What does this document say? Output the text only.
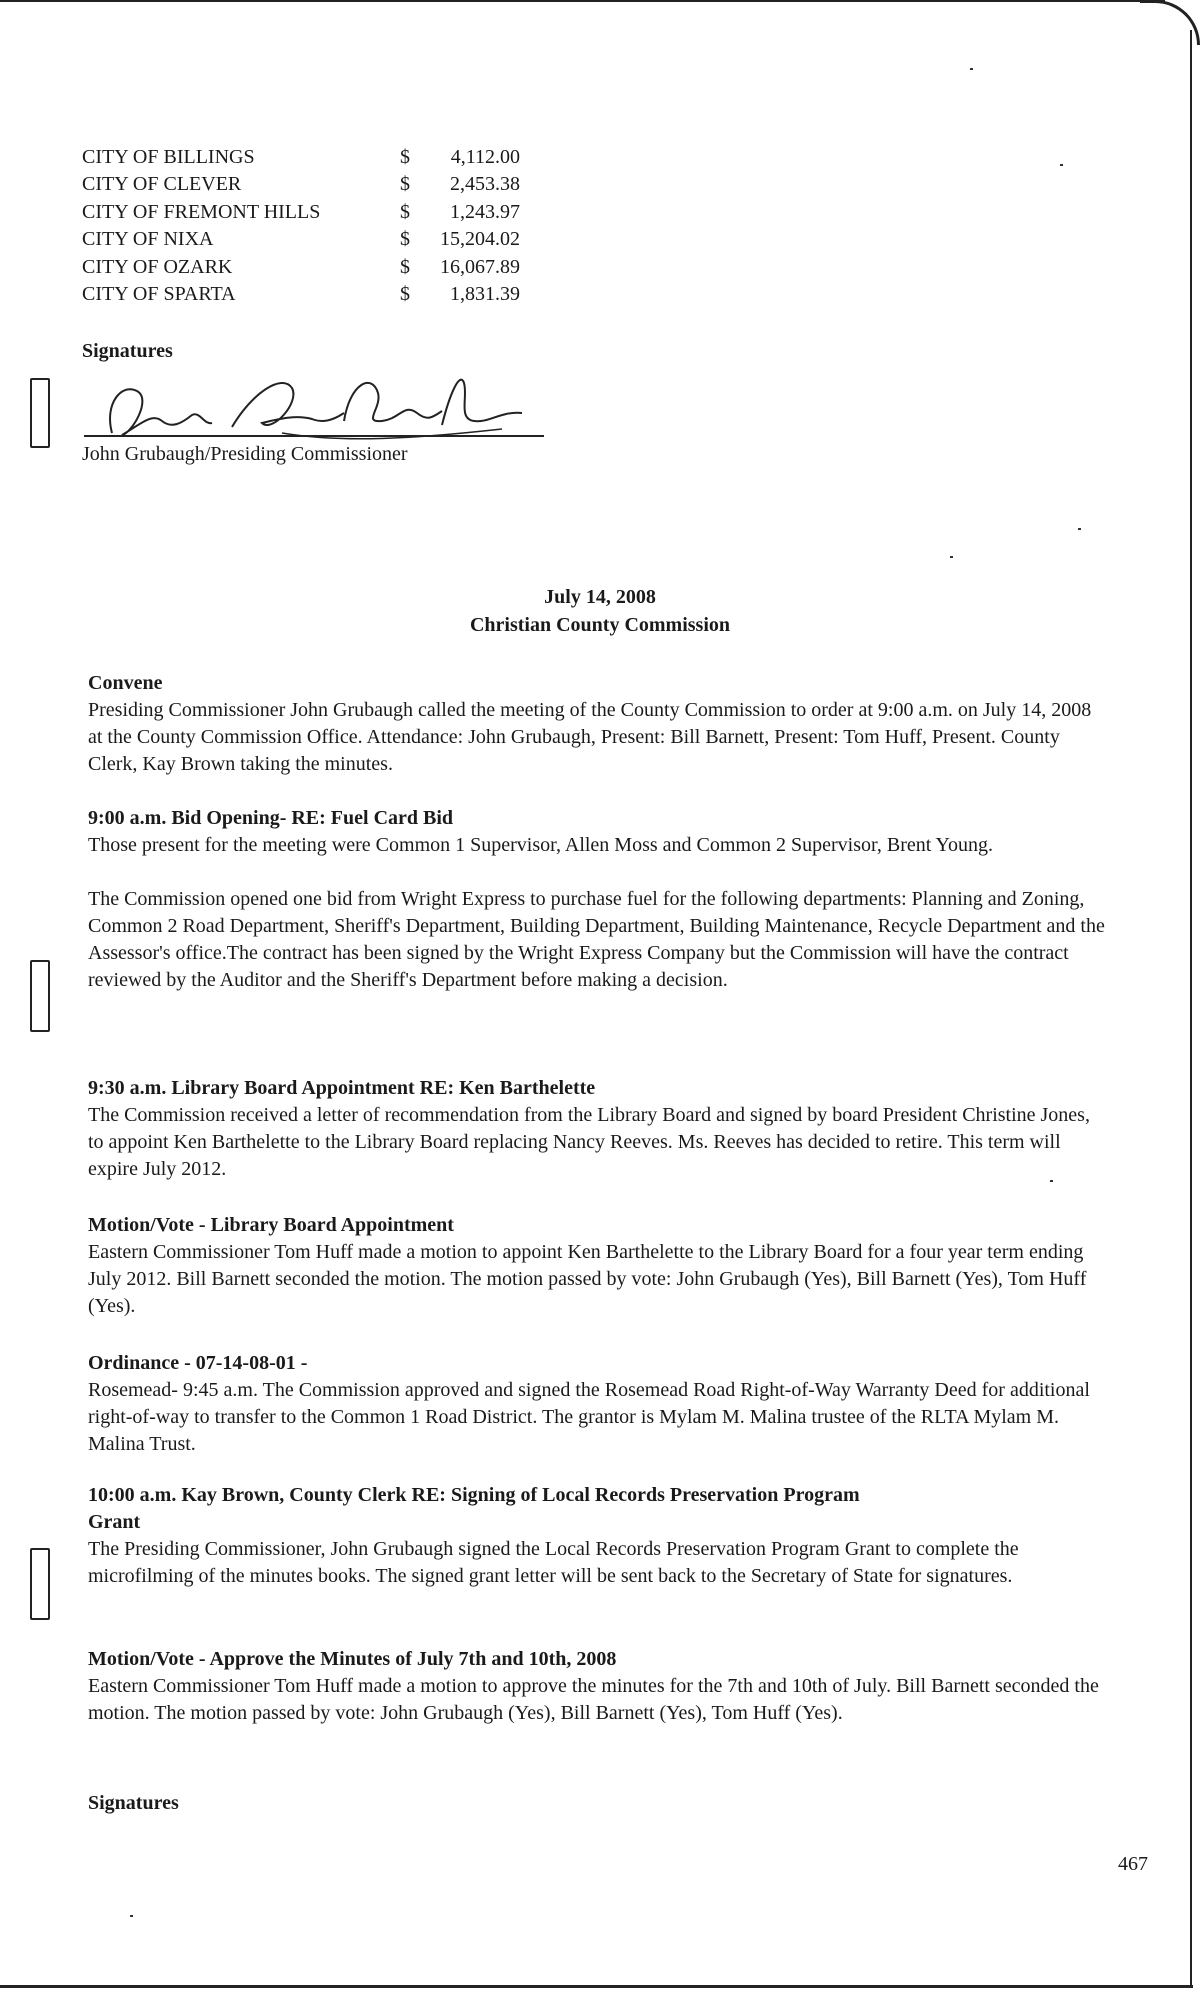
CITY OF BILLINGS	$	4,112.00
CITY OF CLEVER	$	2,453.38
CITY OF FREMONT HILLS	$	1,243.97
CITY OF NIXA	$	15,204.02
CITY OF OZARK	$	16,067.89
CITY OF SPARTA	$	1,831.39
Signatures
John Grubaugh/Presiding Commissioner
July 14, 2008
Christian County Commission
Convene
Presiding Commissioner John Grubaugh called the meeting of the County Commission to order at 9:00 a.m. on July 14, 2008 at the County Commission Office. Attendance: John Grubaugh, Present: Bill Barnett, Present: Tom Huff, Present. County Clerk, Kay Brown taking the minutes.
9:00 a.m. Bid Opening- RE: Fuel Card Bid
Those present for the meeting were Common 1 Supervisor, Allen Moss and Common 2 Supervisor, Brent Young.
The Commission opened one bid from Wright Express to purchase fuel for the following departments: Planning and Zoning, Common 2 Road Department, Sheriff's Department, Building Department, Building Maintenance, Recycle Department and the Assessor's office.The contract has been signed by the Wright Express Company but the Commission will have the contract reviewed by the Auditor and the Sheriff's Department before making a decision.
9:30 a.m. Library Board Appointment RE: Ken Barthelette
The Commission received a letter of recommendation from the Library Board and signed by board President Christine Jones, to appoint Ken Barthelette to the Library Board replacing Nancy Reeves. Ms. Reeves has decided to retire. This term will expire July 2012.
Motion/Vote - Library Board Appointment
Eastern Commissioner Tom Huff made a motion to appoint Ken Barthelette to the Library Board for a four year term ending July 2012. Bill Barnett seconded the motion. The motion passed by vote: John Grubaugh (Yes), Bill Barnett (Yes), Tom Huff (Yes).
Ordinance - 07-14-08-01 -
Rosemead- 9:45 a.m. The Commission approved and signed the Rosemead Road Right-of-Way Warranty Deed for additional right-of-way to transfer to the Common 1 Road District. The grantor is Mylam M. Malina trustee of the RLTA Mylam M. Malina Trust.
10:00 a.m. Kay Brown, County Clerk RE: Signing of Local Records Preservation Program Grant
The Presiding Commissioner, John Grubaugh signed the Local Records Preservation Program Grant to complete the microfilming of the minutes books. The signed grant letter will be sent back to the Secretary of State for signatures.
Motion/Vote - Approve the Minutes of July 7th and 10th, 2008
Eastern Commissioner Tom Huff made a motion to approve the minutes for the 7th and 10th of July. Bill Barnett seconded the motion. The motion passed by vote: John Grubaugh (Yes), Bill Barnett (Yes), Tom Huff (Yes).
Signatures
467
